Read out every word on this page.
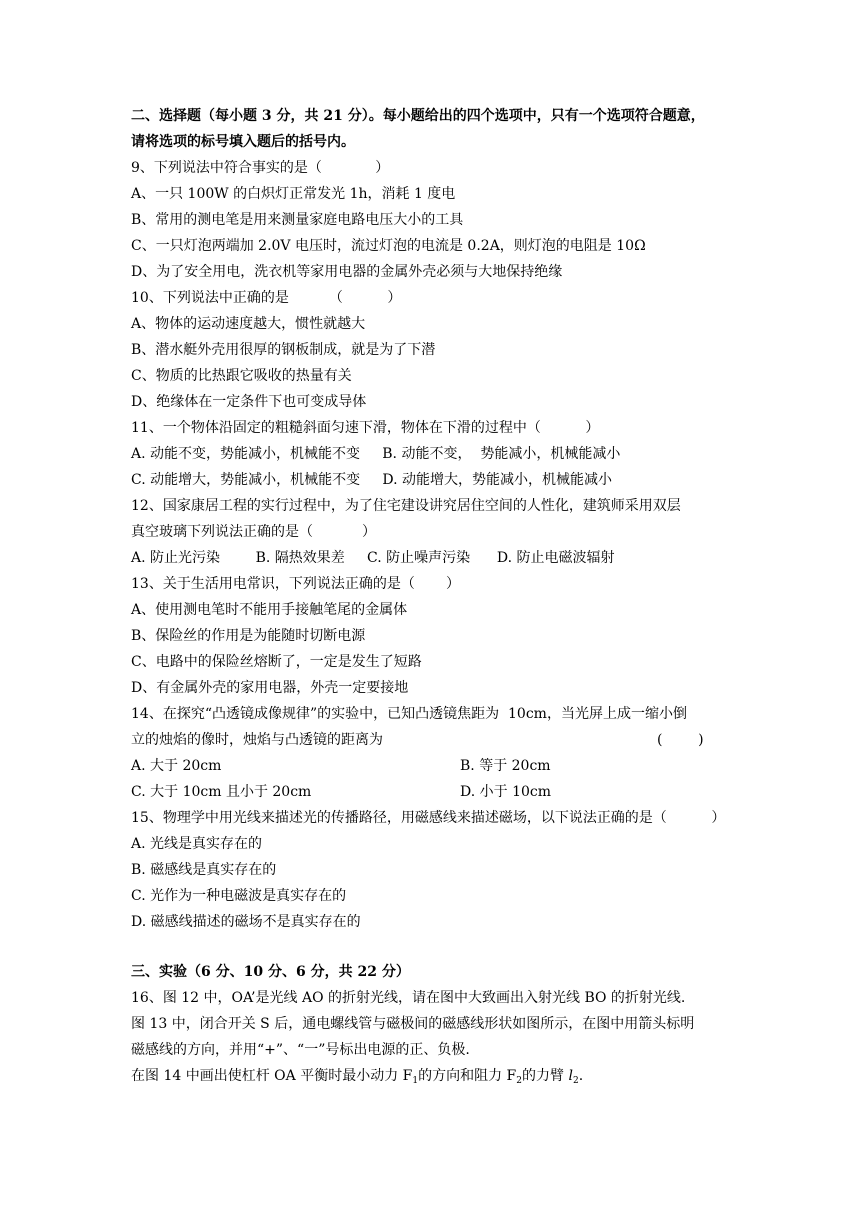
二、选择题（每小题 3 分，共 21 分）。每小题给出的四个选项中，只有一个选项符合题意，
请将选项的标号填入题后的括号内。
9、下列说法中符合事实的是（            ）
A、一只 100W 的白炽灯正常发光 1h，消耗 1 度电
B、常用的测电笔是用来测量家庭电路电压大小的工具
C、一只灯泡两端加 2.0V 电压时，流过灯泡的电流是 0.2A，则灯泡的电阻是 10Ω
D、为了安全用电，洗衣机等家用电器的金属外壳必须与大地保持绝缘
10、下列说法中正确的是         （          ）
A、物体的运动速度越大，惯性就越大
B、潜水艇外壳用很厚的钢板制成，就是为了下潜
C、物质的比热跟它吸收的热量有关
D、绝缘体在一定条件下也可变成导体
11、一个物体沿固定的粗糙斜面匀速下滑，物体在下滑的过程中（          ）
A. 动能不变，势能减小，机械能不变     B. 动能不变，  势能减小，机械能减小
C. 动能增大，势能减小，机械能不变     D. 动能增大，势能减小，机械能减小
12、国家康居工程的实行过程中，为了住宅建设讲究居住空间的人性化，建筑师采用双层
真空玻璃下列说法正确的是（           ）
A. 防止光污染        B. 隔热效果差     C. 防止噪声污染      D. 防止电磁波辐射
13、关于生活用电常识，下列说法正确的是（       ）
A、使用测电笔时不能用手接触笔尾的金属体
B、保险丝的作用是为能随时切断电源
C、电路中的保险丝熔断了，一定是发生了短路
D、有金属外壳的家用电器，外壳一定要接地
14、在探究“凸透镜成像规律”的实验中，已知凸透镜焦距为  10cm，当光屏上成一缩小倒
立的烛焰的像时，烛焰与凸透镜的距离为	(        )
A. 大于 20cm	B. 等于 20cm
C. 大于 10cm 且小于 20cm	D. 小于 10cm
15、物理学中用光线来描述光的传播路径，用磁感线来描述磁场，以下说法正确的是（          ）
A. 光线是真实存在的
B. 磁感线是真实存在的
C. 光作为一种电磁波是真实存在的
D. 磁感线描述的磁场不是真实存在的
三、实验（6 分、10 分、6 分，共 22 分）
16、图 12 中，OA’是光线 AO 的折射光线，请在图中大致画出入射光线 BO 的折射光线.
图 13 中，闭合开关 S 后，通电螺线管与磁极间的磁感线形状如图所示，在图中用箭头标明
磁感线的方向，并用“+”、“一”号标出电源的正、负极.
在图 14 中画出使杠杆 OA 平衡时最小动力 $F_1$的方向和阻力 $F_2$的力臂 $l_2$.
